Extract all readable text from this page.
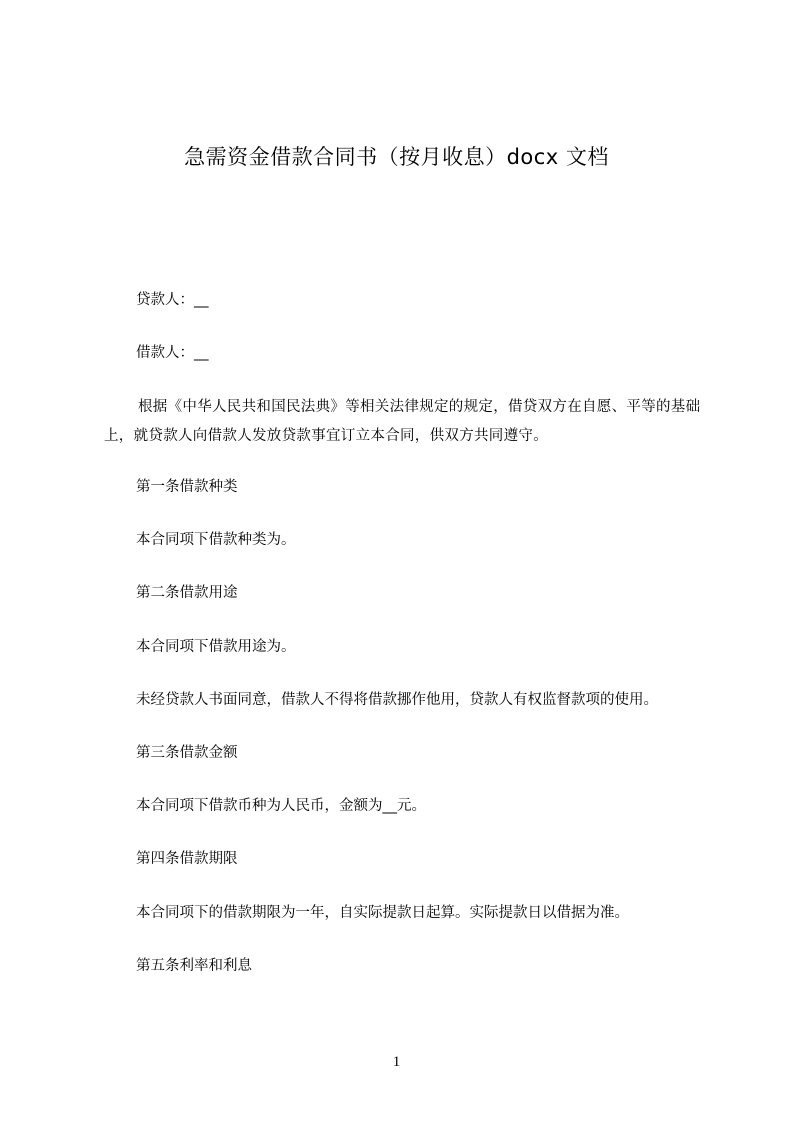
急需资金借款合同书（按月收息）docx 文档
贷款人：__
借款人：__
根据《中华人民共和国民法典》等相关法律规定的规定，借贷双方在自愿、平等的基础上，就贷款人向借款人发放贷款事宜订立本合同，供双方共同遵守。
第一条借款种类
本合同项下借款种类为。
第二条借款用途
本合同项下借款用途为。
未经贷款人书面同意，借款人不得将借款挪作他用，贷款人有权监督款项的使用。
第三条借款金额
本合同项下借款币种为人民币，金额为__元。
第四条借款期限
本合同项下的借款期限为一年，自实际提款日起算。实际提款日以借据为准。
第五条利率和利息
1
